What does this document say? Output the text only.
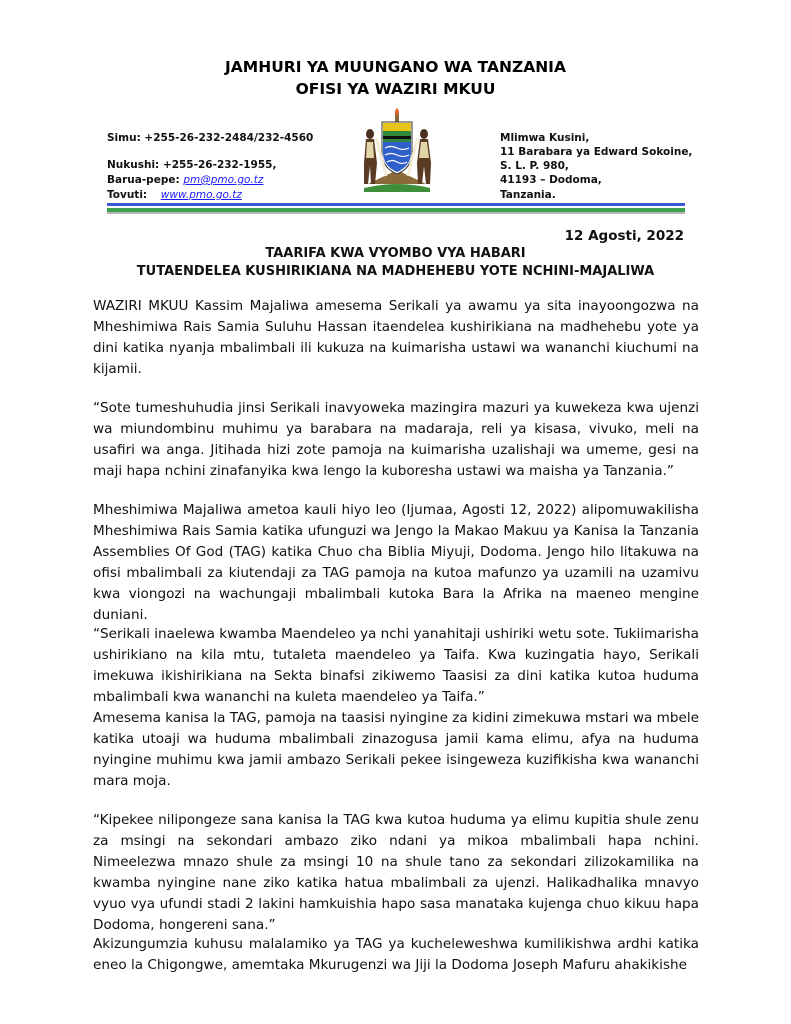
JAMHURI YA MUUNGANO WA TANZANIA
OFISI YA WAZIRI MKUU
Simu: +255-26-232-2484/232-4560
Nukushi: +255-26-232-1955,
Barua-pepe: pm@pmo.go.tz
Tovuti: www.pmo.go.tz
Mlimwa Kusini,
11 Barabara ya Edward Sokoine,
S. L. P. 980,
41193 – Dodoma,
Tanzania.
12 Agosti, 2022
TAARIFA KWA VYOMBO VYA HABARI
TUTAENDELEA KUSHIRIKIANA NA MADHEHEBU YOTE NCHINI-MAJALIWA

WAZIRI MKUU Kassim Majaliwa amesema Serikali ya awamu ya sita inayoongozwa na Mheshimiwa Rais Samia Suluhu Hassan itaendelea kushirikiana na madhehebu yote ya dini katika nyanja mbalimbali ili kukuza na kuimarisha ustawi wa wananchi kiuchumi na kijamii.

“Sote tumeshuhudia jinsi Serikali inavyoweka mazingira mazuri ya kuwekeza kwa ujenzi wa miundombinu muhimu ya barabara na madaraja, reli ya kisasa, vivuko, meli na usafiri wa anga. Jitihada hizi zote pamoja na kuimarisha uzalishaji wa umeme, gesi na maji hapa nchini zinafanyika kwa lengo la kuboresha ustawi wa maisha ya Tanzania.”

Mheshimiwa Majaliwa ametoa kauli hiyo leo (Ijumaa, Agosti 12, 2022) alipomuwakilisha Mheshimiwa Rais Samia katika ufunguzi wa Jengo la Makao Makuu ya Kanisa la Tanzania Assemblies Of God (TAG) katika Chuo cha Biblia Miyuji, Dodoma. Jengo hilo litakuwa na ofisi mbalimbali za kiutendaji za TAG pamoja na kutoa mafunzo ya uzamili na uzamivu kwa viongozi na wachungaji mbalimbali kutoka Bara la Afrika na maeneo mengine duniani.

“Serikali inaelewa kwamba Maendeleo ya nchi yanahitaji ushiriki wetu sote. Tukiimarisha ushirikiano na kila mtu, tutaleta maendeleo ya Taifa. Kwa kuzingatia hayo, Serikali imekuwa ikishirikiana na Sekta binafsi zikiwemo Taasisi za dini katika kutoa huduma mbalimbali kwa wananchi na kuleta maendeleo ya Taifa.”

Amesema kanisa la TAG, pamoja na taasisi nyingine za kidini zimekuwa mstari wa mbele katika utoaji wa huduma mbalimbali zinazogusa jamii kama elimu, afya na huduma nyingine muhimu kwa jamii ambazo Serikali pekee isingeweza kuzifikisha kwa wananchi mara moja.

“Kipekee nilipongeze sana kanisa la TAG kwa kutoa huduma ya elimu kupitia shule zenu za msingi na sekondari ambazo ziko ndani ya mikoa mbalimbali hapa nchini. Nimeelezwa mnazo shule za msingi 10 na shule tano za sekondari zilizokamilika na kwamba nyingine nane ziko katika hatua mbalimbali za ujenzi. Halikadhalika mnavyo vyuo vya ufundi stadi 2 lakini hamkuishia hapo sasa manataka kujenga chuo kikuu hapa Dodoma, hongereni sana.”

Akizungumzia kuhusu malalamiko ya TAG ya kucheleweshwa kumilikishwa ardhi katika eneo la Chigongwe, amemtaka Mkurugenzi wa Jiji la Dodoma Joseph Mafuru ahakikishe
